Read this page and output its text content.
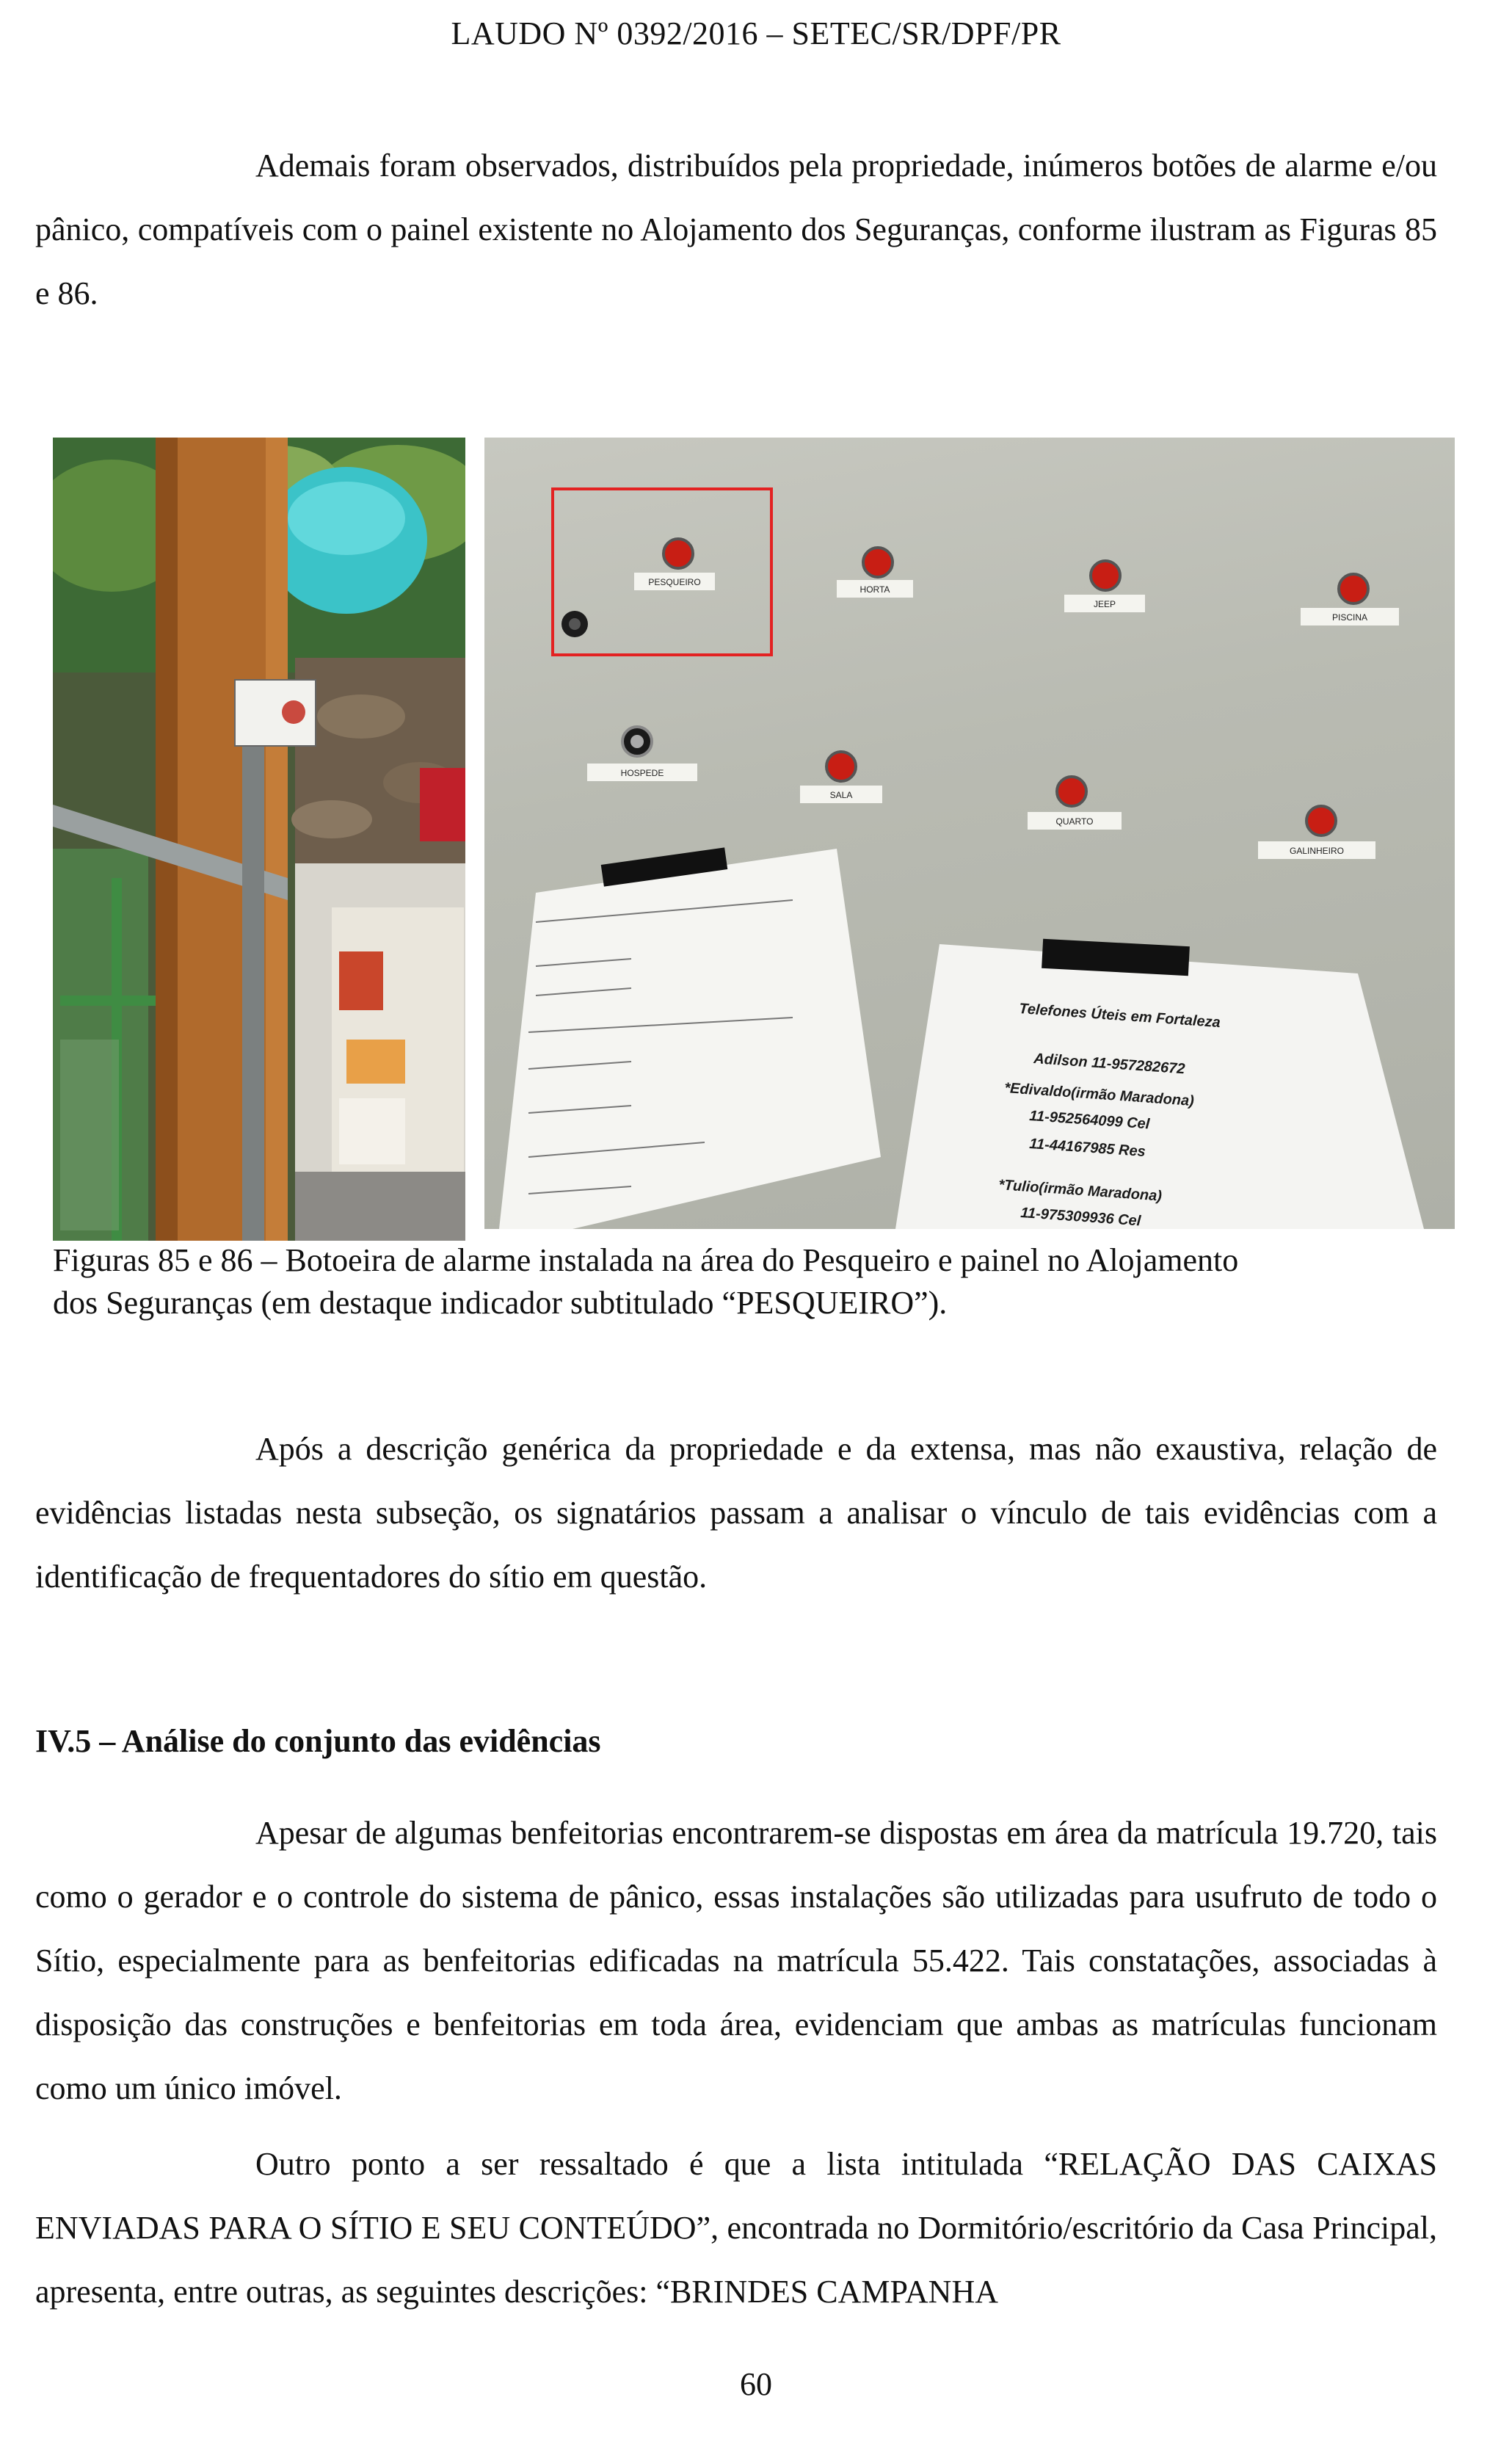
LAUDO Nº 0392/2016 – SETEC/SR/DPF/PR

Ademais foram observados, distribuídos pela propriedade, inúmeros botões de alarme e/ou pânico, compatíveis com o painel existente no Alojamento dos Seguranças, conforme ilustram as Figuras 85 e 86.

PESQUEIRO
HORTA
JEEP
PISCINA
HOSPEDE
SALA
QUARTO
GALINHEIRO
Telefones Úteis em Fortaleza
Adilson 11-957282672
*Edivaldo(irmão Maradona)
11-952564099 Cel
11-44167985 Res
*Tulio(irmão Maradona)
11-975309936 Cel
Figuras 85 e 86 – Botoeira de alarme instalada na área do Pesqueiro e painel no Alojamento
dos Seguranças (em destaque indicador subtitulado “PESQUEIRO”).

Após a descrição genérica da propriedade e da extensa, mas não exaustiva, relação de evidências listadas nesta subseção, os signatários passam a analisar o vínculo de tais evidências com a identificação de frequentadores do sítio em questão.

IV.5 – Análise do conjunto das evidências

Apesar de algumas benfeitorias encontrarem-se dispostas em área da matrícula 19.720, tais como o gerador e o controle do sistema de pânico, essas instalações são utilizadas para usufruto de todo o Sítio, especialmente para as benfeitorias edificadas na matrícula 55.422. Tais constatações, associadas à disposição das construções e benfeitorias em toda área, evidenciam que ambas as matrículas funcionam como um único imóvel.

Outro ponto a ser ressaltado é que a lista intitulada “RELAÇÃO DAS CAIXAS ENVIADAS PARA O SÍTIO E SEU CONTEÚDO”, encontrada no Dormitório/escritório da Casa Principal, apresenta, entre outras, as seguintes descrições: “BRINDES CAMPANHA

60
